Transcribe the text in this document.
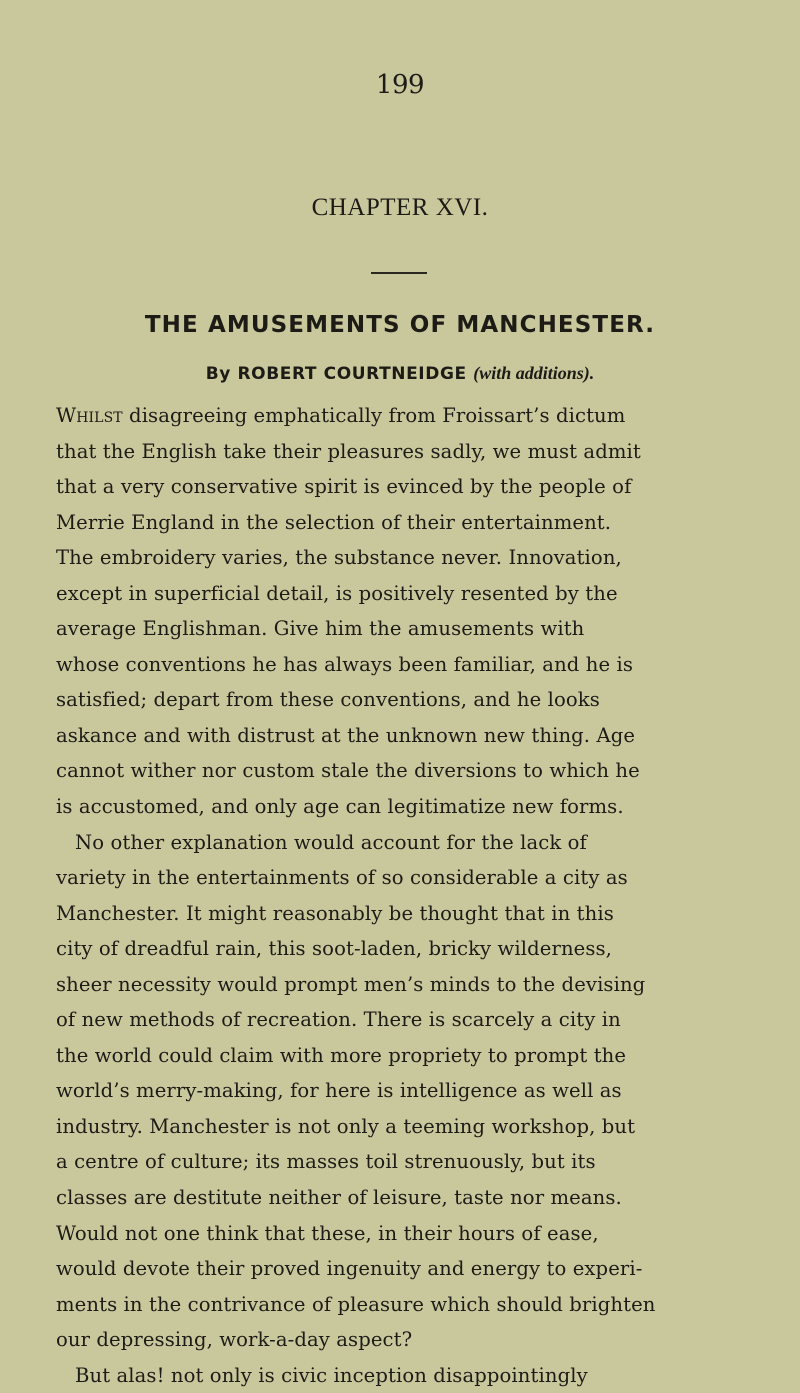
199
CHAPTER XVI.
THE AMUSEMENTS OF MANCHESTER.
By ROBERT COURTNEIDGE (with additions).
Whilst disagreeing emphatically from Froissart’s dictum
that the English take their pleasures sadly, we must admit
that a very conservative spirit is evinced by the people of
Merrie England in the selection of their entertainment.
The embroidery varies, the substance never. Innovation,
except in superficial detail, is positively resented by the
average Englishman. Give him the amusements with
whose conventions he has always been familiar, and he is
satisfied; depart from these conventions, and he looks
askance and with distrust at the unknown new thing. Age
cannot wither nor custom stale the diversions to which he
is accustomed, and only age can legitimatize new forms.
No other explanation would account for the lack of
variety in the entertainments of so considerable a city as
Manchester. It might reasonably be thought that in this
city of dreadful rain, this soot-laden, bricky wilderness,
sheer necessity would prompt men’s minds to the devising
of new methods of recreation. There is scarcely a city in
the world could claim with more propriety to prompt the
world’s merry-making, for here is intelligence as well as
industry. Manchester is not only a teeming workshop, but
a centre of culture; its masses toil strenuously, but its
classes are destitute neither of leisure, taste nor means.
Would not one think that these, in their hours of ease,
would devote their proved ingenuity and energy to experi-
ments in the contrivance of pleasure which should brighten
our depressing, work-a-day aspect?
But alas! not only is civic inception disappointingly
